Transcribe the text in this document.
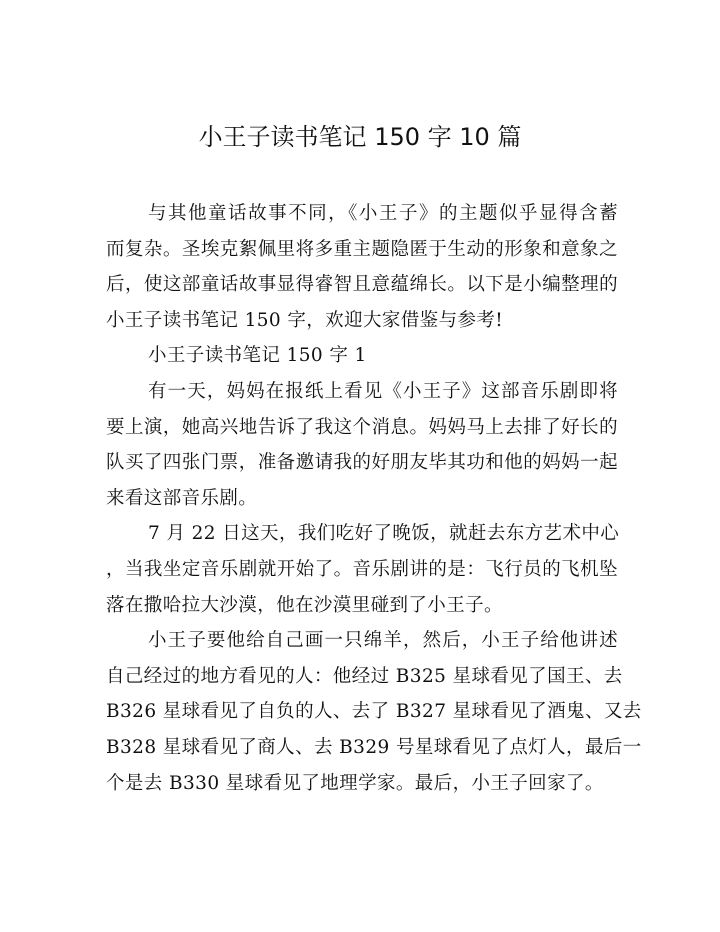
小王子读书笔记 150 字 10 篇

与其他童话故事不同，《小王子》的主题似乎显得含蓄

而复杂。圣埃克絮佩里将多重主题隐匿于生动的形象和意象之

后，使这部童话故事显得睿智且意蕴绵长。以下是小编整理的

小王子读书笔记 150 字，欢迎大家借鉴与参考!

小王子读书笔记 150 字 1

有一天，妈妈在报纸上看见《小王子》这部音乐剧即将

要上演，她高兴地告诉了我这个消息。妈妈马上去排了好长的

队买了四张门票，准备邀请我的好朋友毕其功和他的妈妈一起

来看这部音乐剧。

7 月 22 日这天，我们吃好了晚饭，就赶去东方艺术中心

，当我坐定音乐剧就开始了。音乐剧讲的是：飞行员的飞机坠

落在撒哈拉大沙漠，他在沙漠里碰到了小王子。

小王子要他给自己画一只绵羊，然后，小王子给他讲述

自己经过的地方看见的人：他经过 B325 星球看见了国王、去

B326 星球看见了自负的人、去了 B327 星球看见了酒鬼、又去

B328 星球看见了商人、去 B329 号星球看见了点灯人，最后一

个是去 B330 星球看见了地理学家。最后，小王子回家了。
